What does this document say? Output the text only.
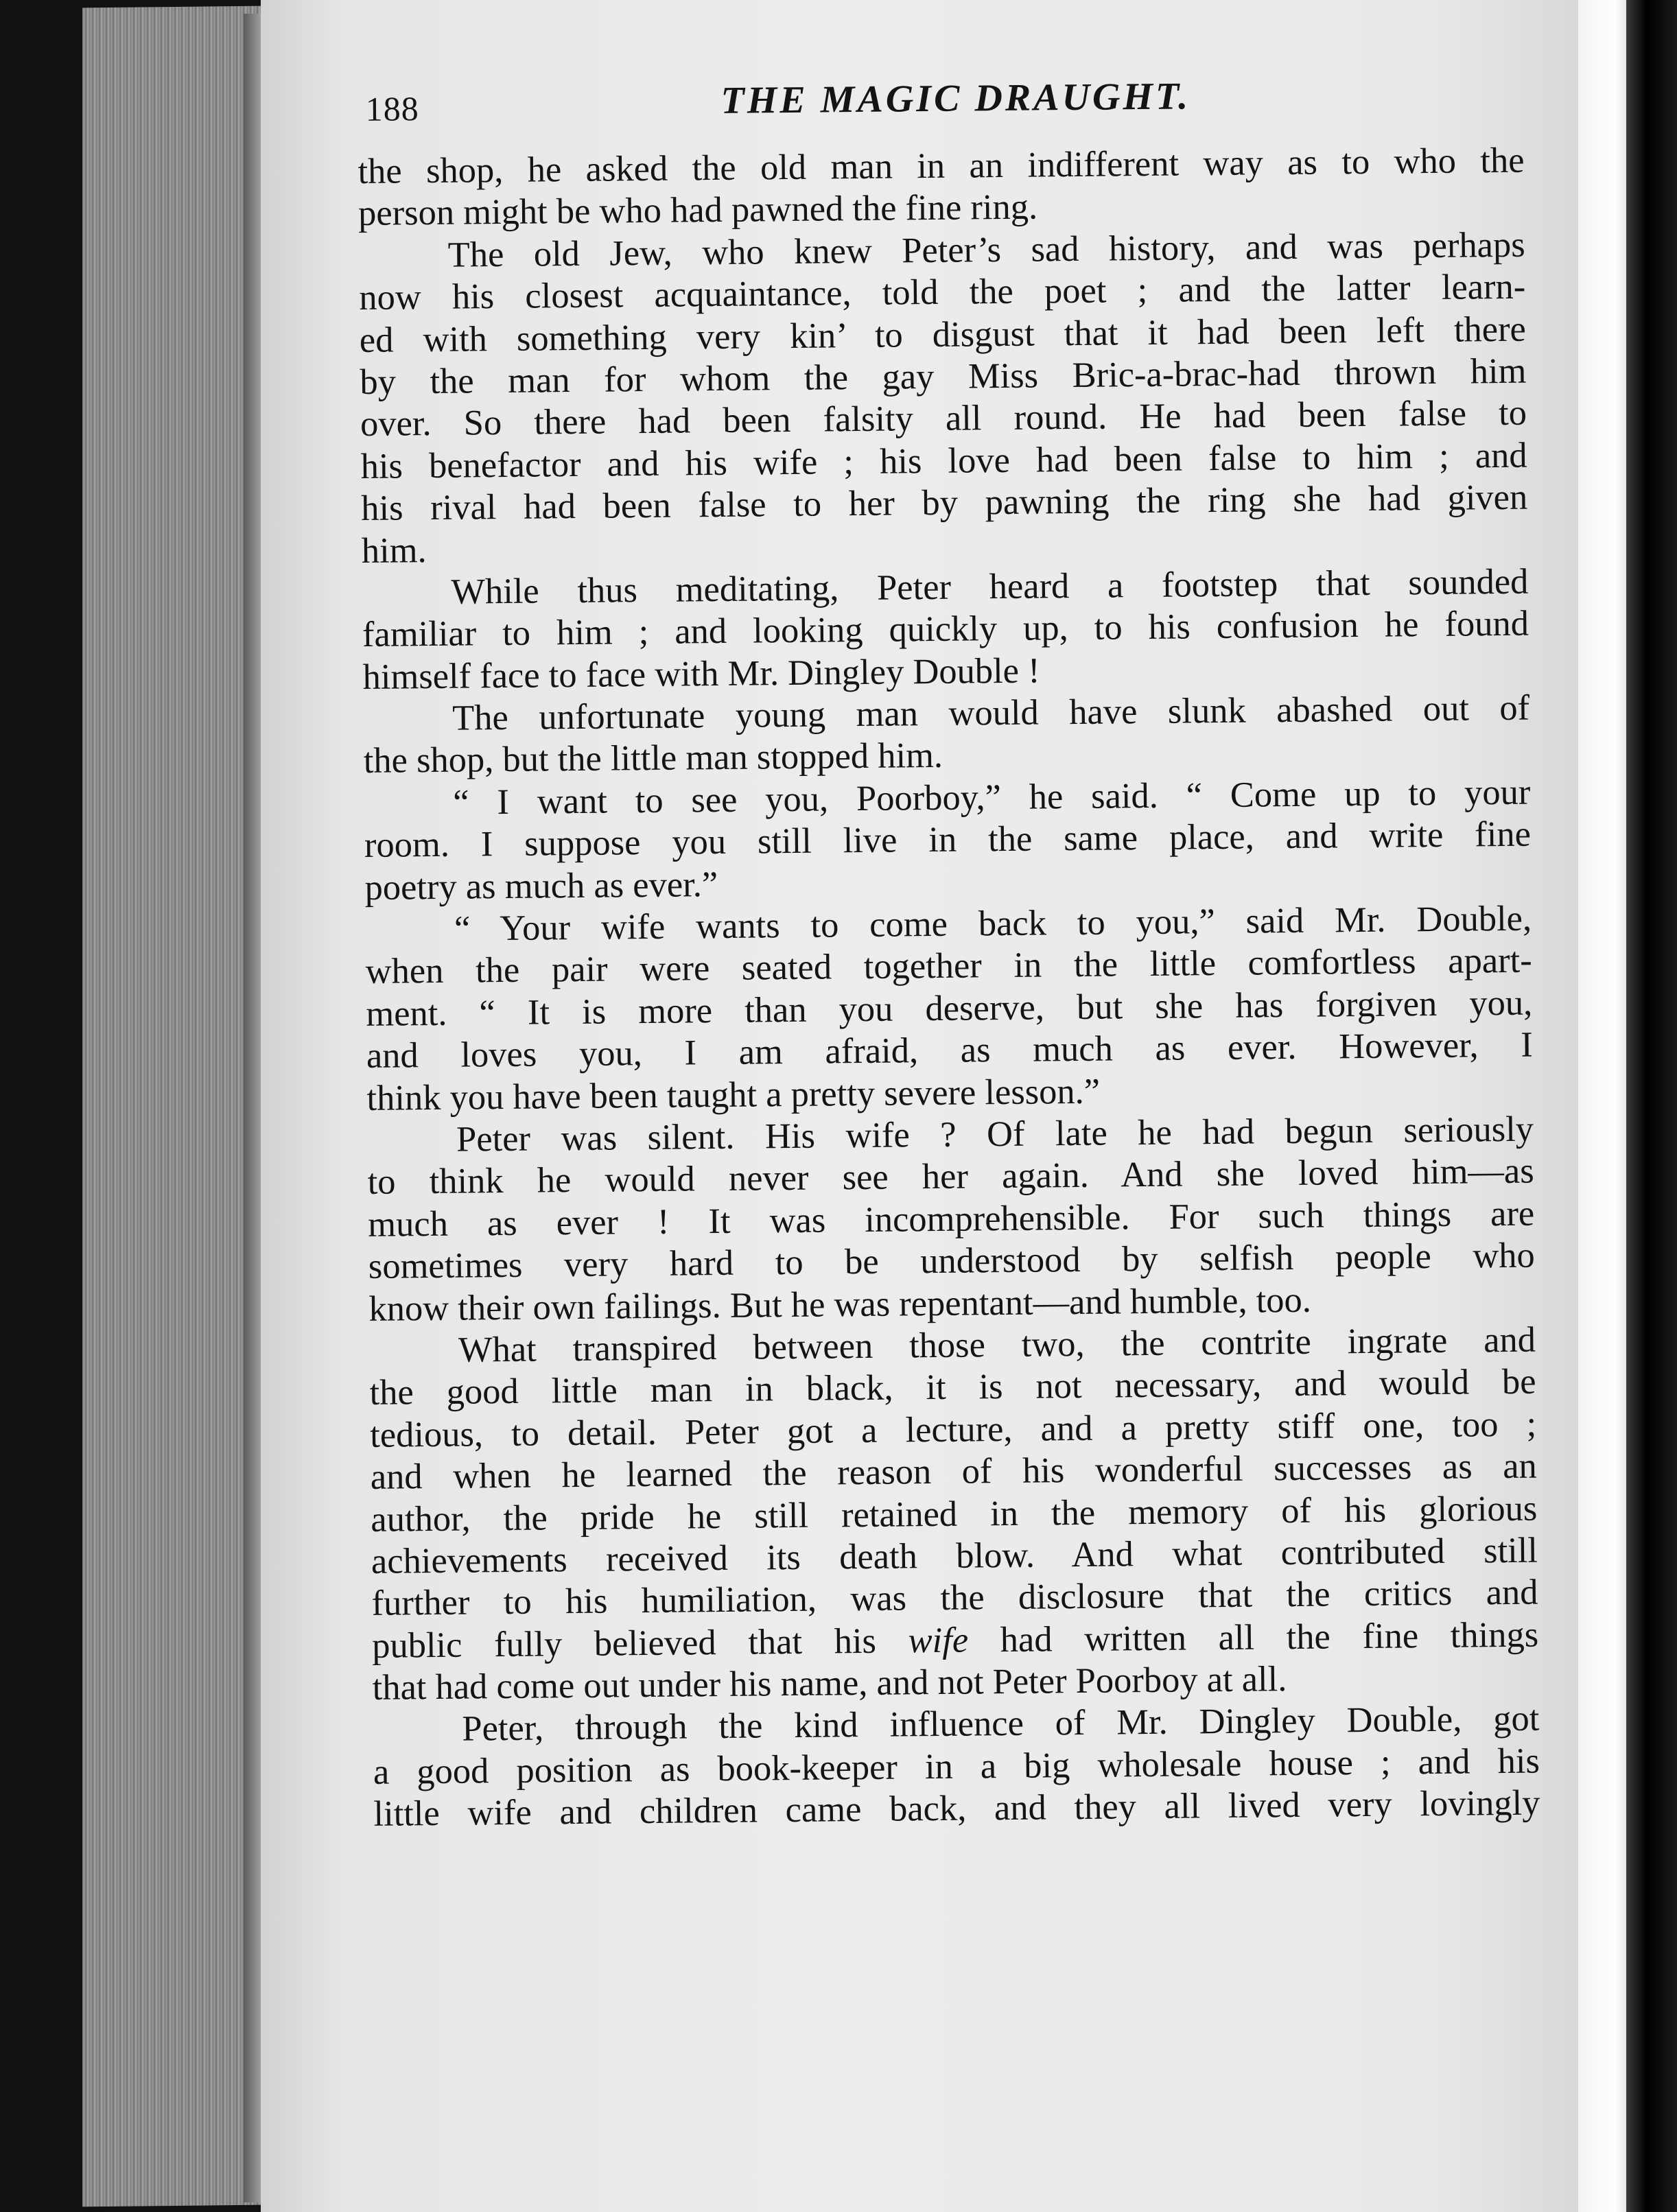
188	THE MAGIC DRAUGHT.
the shop, he asked the old man in an indifferent way as to who the
person might be who had pawned the fine ring.
The old Jew, who knew Peter’s sad history, and was perhaps
now his closest acquaintance, told the poet ; and the latter learn-
ed with something very kin’ to disgust that it had been left there
by the man for whom the gay Miss Bric-a-brac-had thrown him
over. So there had been falsity all round. He had been false to
his benefactor and his wife ; his love had been false to him ; and
his rival had been false to her by pawning the ring she had given
him.
While thus meditating, Peter heard a footstep that sounded
familiar to him ; and looking quickly up, to his confusion he found
himself face to face with Mr. Dingley Double !
The unfortunate young man would have slunk abashed out of
the shop, but the little man stopped him.
“ I want to see you, Poorboy,” he said. “ Come up to your
room. I suppose you still live in the same place, and write fine
poetry as much as ever.”
“ Your wife wants to come back to you,” said Mr. Double,
when the pair were seated together in the little comfortless apart-
ment. “ It is more than you deserve, but she has forgiven you,
and loves you, I am afraid, as much as ever. However, I
think you have been taught a pretty severe lesson.”
Peter was silent. His wife ? Of late he had begun seriously
to think he would never see her again. And she loved him—as
much as ever ! It was incomprehensible. For such things are
sometimes very hard to be understood by selfish people who
know their own failings. But he was repentant—and humble, too.
What transpired between those two, the contrite ingrate and
the good little man in black, it is not necessary, and would be
tedious, to detail. Peter got a lecture, and a pretty stiff one, too ;
and when he learned the reason of his wonderful successes as an
author, the pride he still retained in the memory of his glorious
achievements received its death blow. And what contributed still
further to his humiliation, was the disclosure that the critics and
public fully believed that his wife had written all the fine things
that had come out under his name, and not Peter Poorboy at all.
Peter, through the kind influence of Mr. Dingley Double, got
a good position as book-keeper in a big wholesale house ; and his
little wife and children came back, and they all lived very lovingly
